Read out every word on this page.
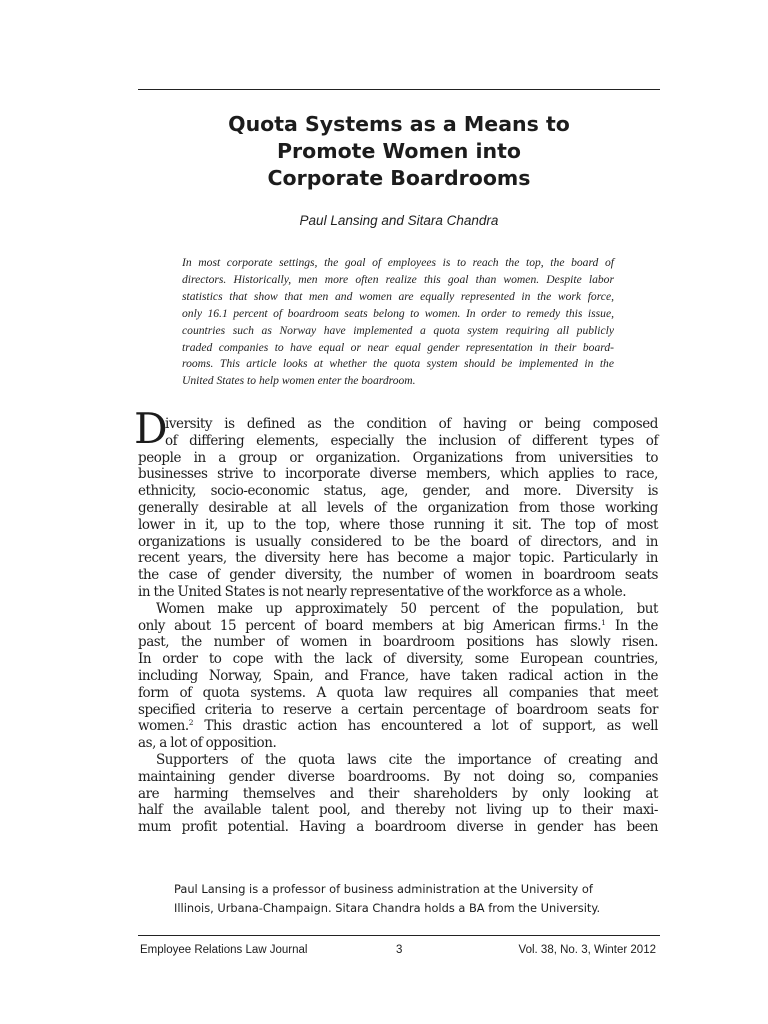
Quota Systems as a Means to
Promote Women into
Corporate Boardrooms
Paul Lansing and Sitara Chandra
In most corporate settings, the goal of employees is to reach the top, the board of
directors. Historically, men more often realize this goal than women. Despite labor
statistics that show that men and women are equally represented in the work force,
only 16.1 percent of boardroom seats belong to women. In order to remedy this issue,
countries such as Norway have implemented a quota system requiring all publicly
traded companies to have equal or near equal gender representation in their board-
rooms. This article looks at whether the quota system should be implemented in the
United States to help women enter the boardroom.
D
iversity is defined as the condition of having or being composed
of differing elements, especially the inclusion of different types of
people in a group or organization. Organizations from universities to
businesses strive to incorporate diverse members, which applies to race,
ethnicity, socio-economic status, age, gender, and more. Diversity is
generally desirable at all levels of the organization from those working
lower in it, up to the top, where those running it sit. The top of most
organizations is usually considered to be the board of directors, and in
recent years, the diversity here has become a major topic. Particularly in
the case of gender diversity, the number of women in boardroom seats
in the United States is not nearly representative of the workforce as a whole.
Women make up approximately 50 percent of the population, but
only about 15 percent of board members at big American firms.$^1$ In the
past, the number of women in boardroom positions has slowly risen.
In order to cope with the lack of diversity, some European countries,
including Norway, Spain, and France, have taken radical action in the
form of quota systems. A quota law requires all companies that meet
specified criteria to reserve a certain percentage of boardroom seats for
women.$^2$ This drastic action has encountered a lot of support, as well
as, a lot of opposition.
Supporters of the quota laws cite the importance of creating and
maintaining gender diverse boardrooms. By not doing so, companies
are harming themselves and their shareholders by only looking at
half the available talent pool, and thereby not living up to their maxi-
mum profit potential. Having a boardroom diverse in gender has been
Paul Lansing is a professor of business administration at the University of
Illinois, Urbana-Champaign. Sitara Chandra holds a BA from the University.
Employee Relations Law Journal	3	Vol. 38, No. 3, Winter 2012
